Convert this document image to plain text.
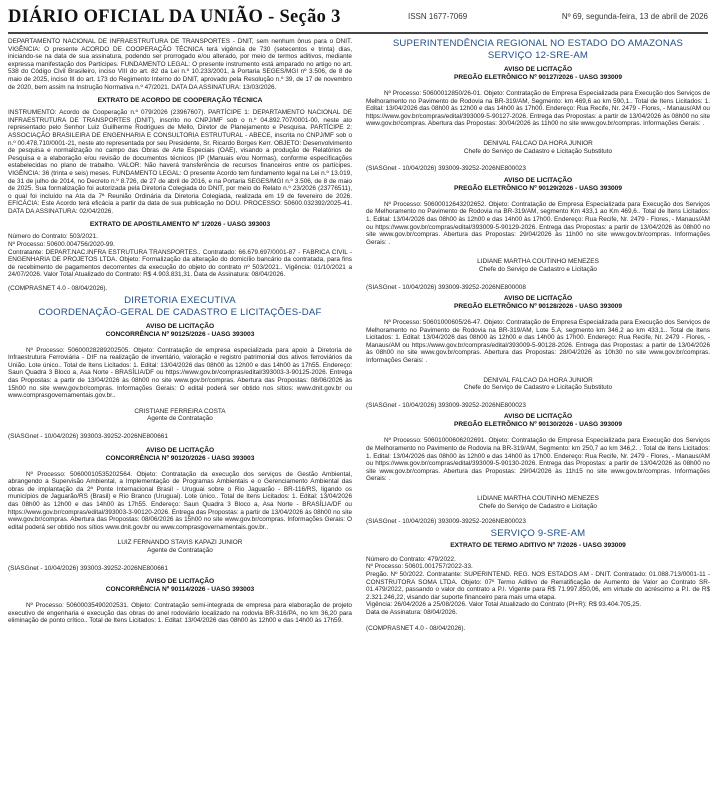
DIÁRIO OFICIAL DA UNIÃO - Seção 3	ISSN 1677-7069	Nº 69, segunda-feira, 13 de abril de 2026

DEPARTAMENTO NACIONAL DE INFRAESTRUTURA DE TRANSPORTES - DNIT, sem nenhum ônus para o DNIT. VIGÊNCIA: O presente ACORDO DE COOPERAÇÃO TÉCNICA terá vigência de 730 (setecentos e trinta) dias, iniciando-se na data de sua assinatura, podendo ser prorrogado e/ou alterado, por meio de termos aditivos, mediante expressa manifestação dos Partícipes. FUNDAMENTO LEGAL: O presente instrumento está amparado no artigo no art. 538 do Código Civil Brasileiro, inciso VIII do art. 82 da Lei n.º 10.233/2001, à Portaria SEGES/MGI nº 3.506, de 8 de maio de 2025, inciso III do art. 173 do Regimento Interno do DNIT, aprovado pela Resolução n.º 39, de 17 de novembro de 2020, bem assim na Instrução Normativa n.º 47/2021. DATA DA ASSINATURA: 13/03/2026.

EXTRATO DE ACORDO DE COOPERAÇÃO TÉCNICA

INSTRUMENTO: Acordo de Cooperação n.º 079/2026 (23967607). PARTÍCIPE 1: DEPARTAMENTO NACIONAL DE INFRAESTRUTURA DE TRANSPORTES (DNIT), inscrito no CNPJ/MF sob o n.º 04.892.707/0001-00, neste ato representado pelo Senhor Luiz Guilherme Rodrigues de Mello, Diretor de Planejamento e Pesquisa. PARTÍCIPE 2: ASSOCIAÇÃO BRASILEIRA DE ENGENHARIA E CONSULTORIA ESTRUTURAL - ABECE, inscrita no CNPJ/MF sob o n.º 00.478.710/0001-21, neste ato representada por seu Presidente, Sr. Ricardo Borges Kerr. OBJETO: Desenvolvimento de pesquisa e normalização no campo das Obras de Arte Especiais (OAE), visando a produção de Relatórios de Pesquisa e a elaboração e/ou revisão de documentos técnicos (IP (Manuais e/ou Normas), conforme especificações estabelecidas no plano de trabalho. VALOR: Não haverá transferência de recursos financeiros entre os partícipes. VIGÊNCIA: 36 (trinta e seis) meses. FUNDAMENTO LEGAL: O presente Acordo tem fundamento legal na Lei n.º 13.019, de 31 de julho de 2014, no Decreto n.º 8.726, de 27 de abril de 2016, e na Portaria SEGES/MGI n.º 3.506, de 8 de maio de 2025. Sua formalização foi autorizada pela Diretoria Colegiada do DNIT, por meio do Relato n.º 23/2026 (23776511), o qual foi incluído na Ata da 7ª Reunião Ordinária da Diretoria Colegiada, realizada em 19 de fevereiro de 2026. EFICÁCIA: Este Acordo terá eficácia a partir da data de sua publicação no DOU. PROCESSO: 50600.032392/2025-41. DATA DA ASSINATURA: 02/04/2026.

EXTRATO DE APOSTILAMENTO Nº 1/2026 - UASG 393003

Número do Contrato: 503/2021.
Nº Processo: 50600.004756/2020-99.
Contratante: DEPART.NAC.INFRA ESTRUTURA TRANSPORTES.. Contratado: 66.679.697/0001-87 - FABRICA CIVIL - ENGENHARIA DE PROJETOS LTDA. Objeto: Formalização da alteração do domicílio bancário da contratada, para fins de recebimento de pagamentos decorrentes da execução do objeto do contrato nº 503/2021.. Vigência: 01/10/2021 a 24/07/2026. Valor Total Atualizado do Contrato: R$ 4.903.831,31. Data de Assinatura: 08/04/2026.

(COMPRASNET 4.0 - 08/04/2026).

DIRETORIA EXECUTIVA

COORDENAÇÃO-GERAL DE CADASTRO E LICITAÇÕES-DAF

AVISO DE LICITAÇÃO

CONCORRÊNCIA Nº 90125/2026 - UASG 393003

Nº Processo: 50600028289202505. Objeto: Contratação de empresa especializada para apoio à Diretoria de Infraestrutura Ferroviária - DIF na realização de inventário, valoração e registro patrimonial dos ativos ferroviários da União. Lote único.. Total de Itens Licitados: 1. Edital: 13/04/2026 das 08h00 às 12h00 e das 14h00 às 17h55. Endereço: Saun Quadra 3 Bloco a, Asa Norte - BRASÍLIA/DF ou https://www.gov.br/compras/edital/393003-3-90125-2026. Entrega das Propostas: a partir de 13/04/2026 às 08h00 no site www.gov.br/compras. Abertura das Propostas: 08/06/2026 às 15h00 no site www.gov.br/compras. Informações Gerais: O edital poderá ser obtido nos sítios: www.dnit.gov.br ou www.comprasgovernamentais.gov.br..

CRISTIANE FERREIRA COSTA

Agente de Contratação

(SIASGnet - 10/04/2026) 393003-39252-2026NE800661

AVISO DE LICITAÇÃO

CONCORRÊNCIA Nº 90120/2026 - UASG 393003

Nº Processo: 50600010535202564. Objeto: Contratação da execução dos serviços de Gestão Ambiental, abrangendo a Supervisão Ambiental, a Implementação de Programas Ambientais e o Gerenciamento Ambiental das obras de implantação da 2ª Ponte Internacional Brasil - Uruguai sobre o Rio Jaguarão - BR-116/RS, ligando os municípios de Jaguarão/RS (Brasil) e Rio Branco (Uruguai). Lote único.. Total de Itens Licitados: 1. Edital: 13/04/2026 das 08h00 às 12h00 e das 14h00 às 17h55. Endereço: Saun Quadra 3 Bloco a, Asa Norte - BRASÍLIA/DF ou https://www.gov.br/compras/edital/393003-3-90120-2026. Entrega das Propostas: a partir de 13/04/2026 às 08h00 no site www.gov.br/compras. Abertura das Propostas: 08/06/2026 às 15h00 no site www.gov.br/compras. Informações Gerais: O edital poderá ser obtido nos sítios www.dnit.gov.br ou www.comprasgovernamentais.gov.br..

LUIZ FERNANDO STAVIS KAPAZI JUNIOR

Agente de Contratação

(SIASGnet - 10/04/2026) 393003-39252-2026NE800661

AVISO DE LICITAÇÃO

CONCORRÊNCIA Nº 90114/2026 - UASG 393003

Nº Processo: 50600035490202531. Objeto: Contratação semi-integrada de empresa para elaboração de projeto executivo de engenharia e execução das obras do anel rodoviário localizado na rodovia BR-316/PA, no km 36,20 para eliminação de ponto crítico.. Total de Itens Licitados: 1. Edital: 13/04/2026 das 08h00 às 12h00 e das 14h00 às 17h59.

SUPERINTENDÊNCIA REGIONAL NO ESTADO DO AMAZONAS

SERVIÇO 12-SRE-AM

AVISO DE LICITAÇÃO

PREGÃO ELETRÔNICO Nº 90127/2026 - UASG 393009

Nº Processo: 50600012850/26-01. Objeto: Contratação de Empresa Especializada para Execução dos Serviços de Melhoramento no Pavimento de Rodovia na BR-319/AM, Segmento: km 469,6 ao km 590,1.. Total de Itens Licitados: 1. Edital: 13/04/2026 das 08h00 às 12h00 e das 14h00 às 17h00. Endereço: Rua Recife, Nr. 2479 - Flores, - Manaus/AM ou https://www.gov.br/compras/edital/393009-5-90127-2026. Entrega das Propostas: a partir de 13/04/2026 às 08h00 no site www.gov.br/compras. Abertura das Propostas: 30/04/2026 às 11h00 no site www.gov.br/compras. Informações Gerais: .

DENIVAL FALCAO DA HORA JUNIOR

Chefe do Serviço de Cadastro e Licitação Substituto

(SIASGnet - 10/04/2026) 393009-39252-2026NE800023

AVISO DE LICITAÇÃO

PREGÃO ELETRÔNICO Nº 90129/2026 - UASG 393009

Nº Processo: 50600012643202652. Objeto: Contratação de Empresa Especializada para Execução dos Serviços de Melhoramento no Pavimento de Rodovia na BR-319/AM, segmento Km 433,1 ao Km 469,6.. Total de Itens Licitados: 1. Edital: 13/04/2026 das 08h00 às 12h00 e das 14h00 às 17h00. Endereço: Rua Recife, Nr. 2479 - Flores, - Manaus/AM ou https://www.gov.br/compras/edital/393009-5-90129-2026. Entrega das Propostas: a partir de 13/04/2026 às 08h00 no site www.gov.br/compras. Abertura das Propostas: 29/04/2026 às 11h00 no site www.gov.br/compras. Informações Gerais: .

LIDIANE MARTHA COUTINHO MENEZES

Chefe do Serviço de Cadastro e Licitação

(SIASGnet - 10/04/2026) 393009-39252-2026NE800008

AVISO DE LICITAÇÃO

PREGÃO ELETRÔNICO Nº 90128/2026 - UASG 393009

Nº Processo: 50601000605/26-47. Objeto: Contratação de Empresa Especializada para Execução dos Serviços de Melhoramento no Pavimento de Rodovia na BR-319/AM, Lote 5.A, segmento km 346,2 ao km 433,1.. Total de Itens Licitados: 1. Edital: 13/04/2026 das 08h00 às 12h00 e das 14h00 às 17h00. Endereço: Rua Recife, Nr. 2479 - Flores, - Manaus/AM ou https://www.gov.br/compras/edital/393009-5-90128-2026. Entrega das Propostas: a partir de 13/04/2026 às 08h00 no site www.gov.br/compras. Abertura das Propostas: 28/04/2026 às 10h30 no site www.gov.br/compras. Informações Gerais: .

DENIVAL FALCAO DA HORA JUNIOR

Chefe do Serviço de Cadastro e Licitação Substituto

(SIASGnet - 10/04/2026) 393009-39252-2026NE800023

AVISO DE LICITAÇÃO

PREGÃO ELETRÔNICO Nº 90130/2026 - UASG 393009

Nº Processo: 50601000606202691. Objeto: Contratação de Empresa Especializada para Execução dos Serviços de Melhoramento no Pavimento de Rodovia na BR-319/AM, Segmento: km 250,7 ao km 346,2. . Total de Itens Licitados: 1. Edital: 13/04/2026 das 08h00 às 12h00 e das 14h00 às 17h00. Endereço: Rua Recife, Nr. 2479 - Flores, - Manaus/AM ou https://www.gov.br/compras/edital/393009-5-90130-2026. Entrega das Propostas: a partir de 13/04/2026 às 08h00 no site www.gov.br/compras. Abertura das Propostas: 29/04/2026 às 11h15 no site www.gov.br/compras. Informações Gerais: .

LIDIANE MARTHA COUTINHO MENEZES

Chefe do Serviço de Cadastro e Licitação

(SIASGnet - 10/04/2026) 393009-39252-2026NE800023

SERVIÇO 9-SRE-AM

EXTRATO DE TERMO ADITIVO Nº 7/2026 - UASG 393009

Número do Contrato: 479/2022.
Nº Processo: 50601.001757/2022-33.
Pregão. Nº 50/2022. Contratante: SUPERINTEND. REG. NOS ESTADOS AM - DNIT. Contratado: 01.088.713/0001-11 - CONSTRUTORA SOMA LTDA. Objeto: 07º Termo Aditivo de Rerratificação de Aumento de Valor ao Contrato SR-01.479/2022, passando o valor do contrato a P.I. Vigente para R$ 71.997.850,06, em virtude do acréscimo a P.I. de R$ 2.321.246,22, visando dar suporte financeiro para mais uma etapa.
Vigência: 26/04/2026 a 25/08/2026. Valor Total Atualizado do Contrato (PI+R): R$ 93.404.705,25.
Data de Assinatura: 08/04/2026.

(COMPRASNET 4.0 - 08/04/2026).
